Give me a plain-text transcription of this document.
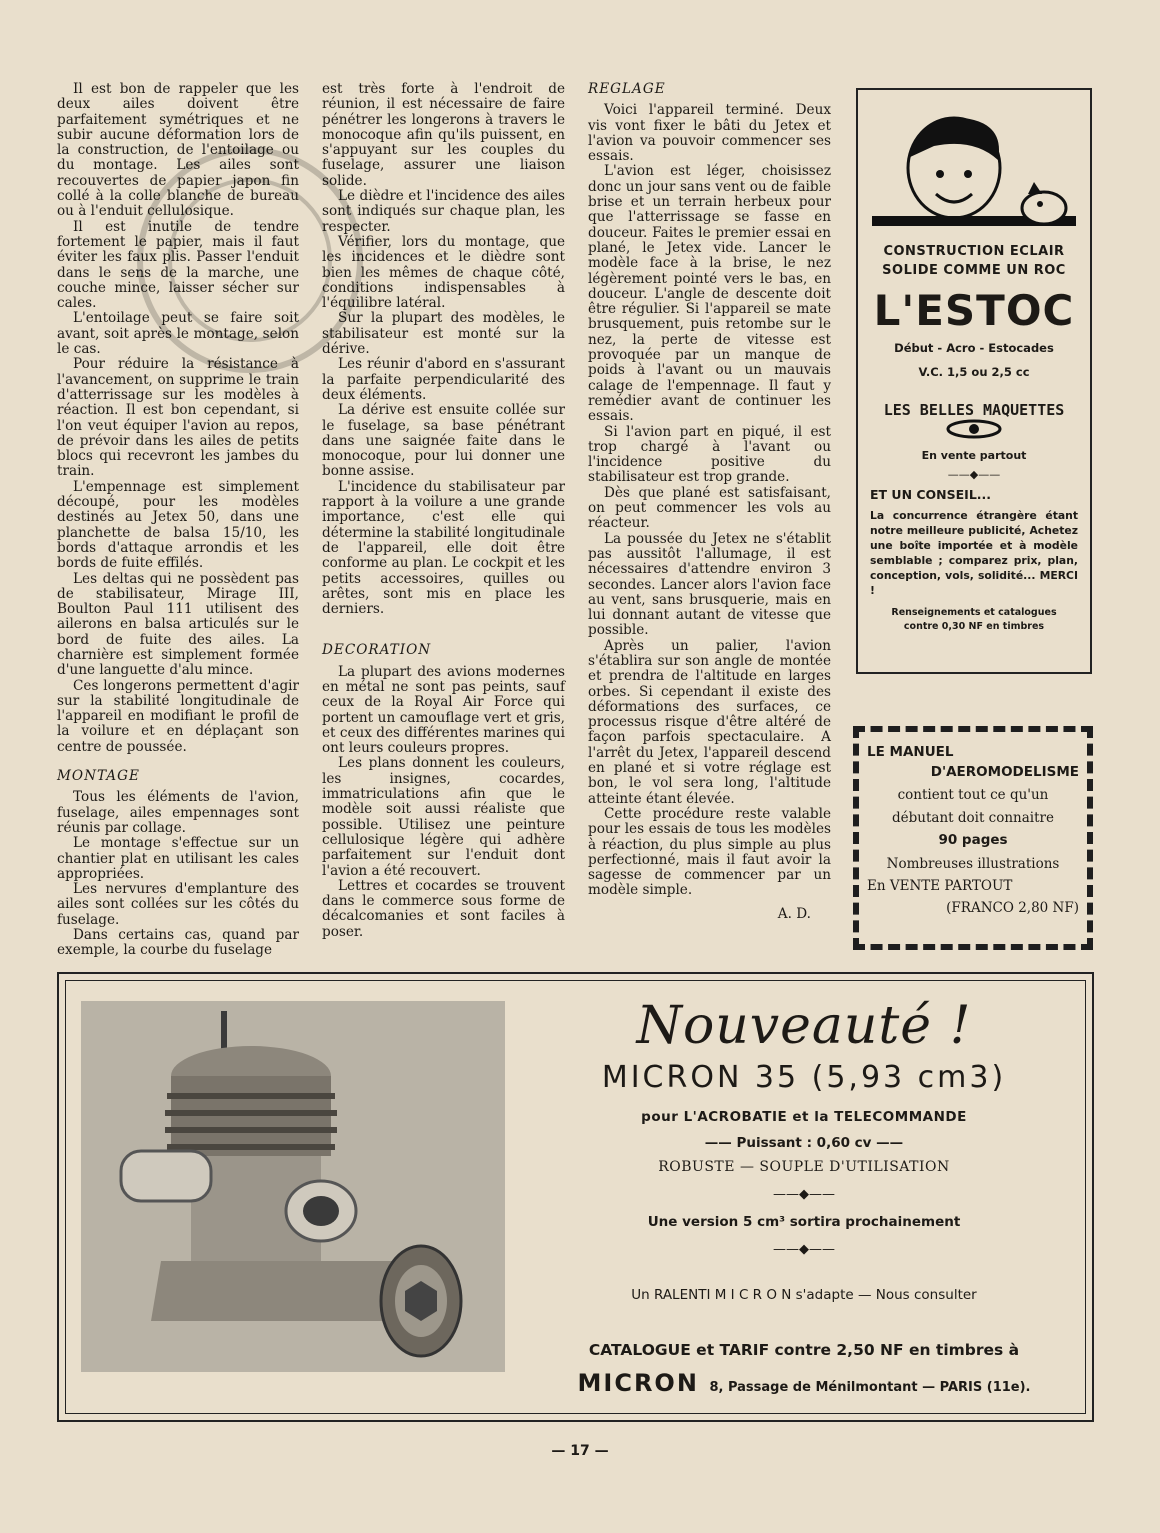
Il est bon de rappeler que les deux ailes doivent être parfaitement symétriques et ne subir aucune déformation lors de la construction, de l'entoilage ou du montage. Les ailes sont recouvertes de papier japon fin collé à la colle blanche de bureau ou à l'enduit cellulosique.

Il est inutile de tendre fortement le papier, mais il faut éviter les faux plis. Passer l'enduit dans le sens de la marche, une couche mince, laisser sécher sur cales.

L'entoilage peut se faire soit avant, soit après le montage, selon le cas.

Pour réduire la résistance à l'avancement, on supprime le train d'atterrissage sur les modèles à réaction. Il est bon cependant, si l'on veut équiper l'avion au repos, de prévoir dans les ailes de petits blocs qui recevront les jambes du train.

L'empennage est simplement découpé, pour les modèles destinés au Jetex 50, dans une planchette de balsa 15/10, les bords d'attaque arrondis et les bords de fuite effilés.

Les deltas qui ne possèdent pas de stabilisateur, Mirage III, Boulton Paul 111 utilisent des ailerons en balsa articulés sur le bord de fuite des ailes. La charnière est simplement formée d'une languette d'alu mince.

Ces longerons permettent d'agir sur la stabilité longitudinale de l'appareil en modifiant le profil de la voilure et en déplaçant son centre de poussée.

MONTAGE

Tous les éléments de l'avion, fuselage, ailes empennages sont réunis par collage.

Le montage s'effectue sur un chantier plat en utilisant les cales appropriées.

Les nervures d'emplanture des ailes sont collées sur les côtés du fuselage.

Dans certains cas, quand par exemple, la courbe du fuselage

est très forte à l'endroit de réunion, il est nécessaire de faire pénétrer les longerons à travers le monocoque afin qu'ils puissent, en s'appuyant sur les couples du fuselage, assurer une liaison solide.

Le dièdre et l'incidence des ailes sont indiqués sur chaque plan, les respecter.

Vérifier, lors du montage, que les incidences et le dièdre sont bien les mêmes de chaque côté, conditions indispensables à l'équilibre latéral.

Sur la plupart des modèles, le stabilisateur est monté sur la dérive.

Les réunir d'abord en s'assurant la parfaite perpendicularité des deux éléments.

La dérive est ensuite collée sur le fuselage, sa base pénétrant dans une saignée faite dans le monocoque, pour lui donner une bonne assise.

L'incidence du stabilisateur par rapport à la voilure a une grande importance, c'est elle qui détermine la stabilité longitudinale de l'appareil, elle doit être conforme au plan. Le cockpit et les petits accessoires, quilles ou arêtes, sont mis en place les derniers.

DECORATION

La plupart des avions modernes en métal ne sont pas peints, sauf ceux de la Royal Air Force qui portent un camouflage vert et gris, et ceux des différentes marines qui ont leurs couleurs propres.

Les plans donnent les couleurs, les insignes, cocardes, immatriculations afin que le modèle soit aussi réaliste que possible. Utilisez une peinture cellulosique légère qui adhère parfaitement sur l'enduit dont l'avion a été recouvert.

Lettres et cocardes se trouvent dans le commerce sous forme de décalcomanies et sont faciles à poser.

REGLAGE

Voici l'appareil terminé. Deux vis vont fixer le bâti du Jetex et l'avion va pouvoir commencer ses essais.

L'avion est léger, choisissez donc un jour sans vent ou de faible brise et un terrain herbeux pour que l'atterrissage se fasse en douceur. Faites le premier essai en plané, le Jetex vide. Lancer le modèle face à la brise, le nez légèrement pointé vers le bas, en douceur. L'angle de descente doit être régulier. Si l'appareil se mate brusquement, puis retombe sur le nez, la perte de vitesse est provoquée par un manque de poids à l'avant ou un mauvais calage de l'empennage. Il faut y remédier avant de continuer les essais.

Si l'avion part en piqué, il est trop chargé à l'avant ou l'incidence positive du stabilisateur est trop grande.

Dès que plané est satisfaisant, on peut commencer les vols au réacteur.

La poussée du Jetex ne s'établit pas aussitôt l'allumage, il est nécessaires d'attendre environ 3 secondes. Lancer alors l'avion face au vent, sans brusquerie, mais en lui donnant autant de vitesse que possible.

Après un palier, l'avion s'établira sur son angle de montée et prendra de l'altitude en larges orbes. Si cependant il existe des déformations des surfaces, ce processus risque d'être altéré de façon parfois spectaculaire. A l'arrêt du Jetex, l'appareil descend en plané et si votre réglage est bon, le vol sera long, l'altitude atteinte étant élevée.

Cette procédure reste valable pour les essais de tous les modèles à réaction, du plus simple au plus perfectionné, mais il faut avoir la sagesse de commencer par un modèle simple.

A. D.

CONSTRUCTION ECLAIR
SOLIDE COMME UN ROC
L'ESTOC
Début - Acro - Estocades
V.C. 1,5 ou 2,5 cc
LES BELLES MAQUETTES
En vente partout
——◆——
ET UN CONSEIL...
La concurrence étrangère étant notre meilleure publicité, Achetez une boîte importée et à modèle semblable ; comparez prix, plan, conception, vols, solidité... MERCI !
Renseignements et catalogues
contre 0,30 NF en timbres
LE MANUEL
D'AEROMODELISME
contient tout ce qu'un
débutant doit connaitre
90 pages
Nombreuses illustrations
En VENTE PARTOUT
(FRANCO 2,80 NF)
Nouveauté !
MICRON 35 (5,93 cm3)
pour L'ACROBATIE et la TELECOMMANDE
—— Puissant : 0,60 cv ——
ROBUSTE — SOUPLE D'UTILISATION
——◆——
Une version 5 cm³ sortira prochainement
——◆——
Un RALENTI M I C R O N s'adapte — Nous consulter
CATALOGUE et TARIF contre 2,50 NF en timbres à
MICRON 8, Passage de Ménilmontant — PARIS (11e).
— 17 —
